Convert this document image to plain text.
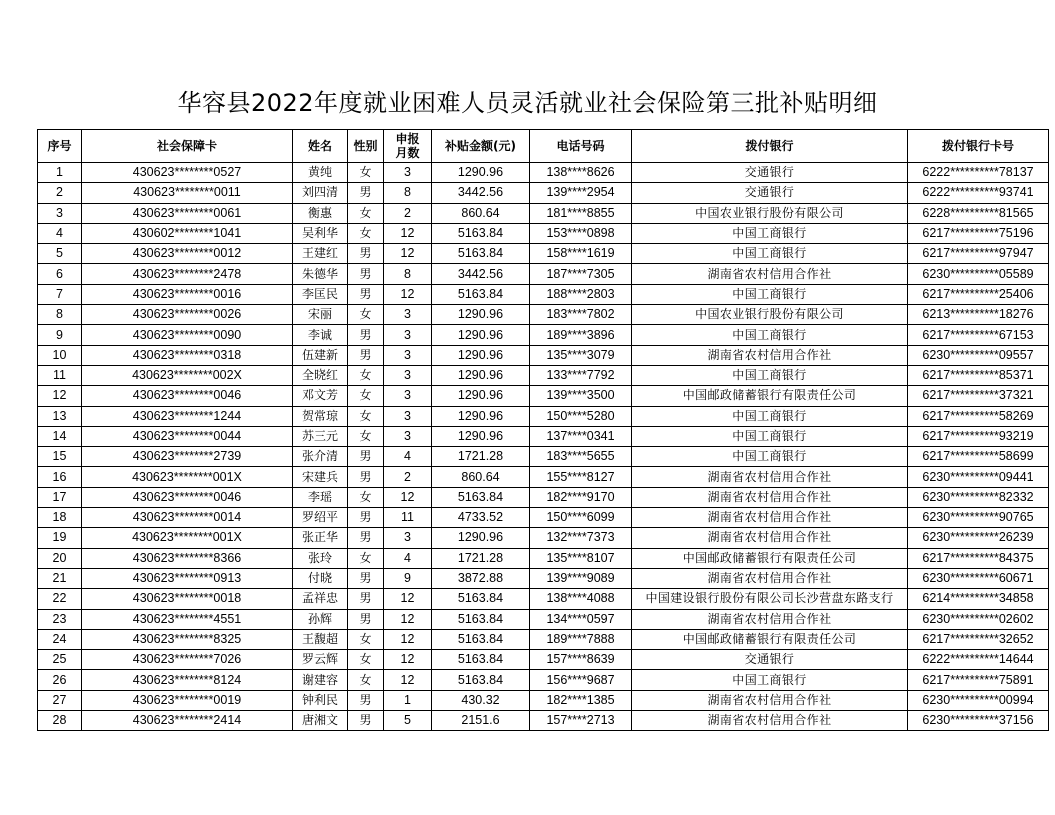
华容县2022年度就业困难人员灵活就业社会保险第三批补贴明细
序号	社会保障卡	姓名	性别	申报
月数	补贴金额(元)	电话号码	拨付银行	拨付银行卡号
1	430623********0527	黄纯	女	3	1290.96	138****8626	交通银行	6222**********78137
2	430623********0011	刘四清	男	8	3442.56	139****2954	交通银行	6222**********93741
3	430623********0061	衡惠	女	2	860.64	181****8855	中国农业银行股份有限公司	6228**********81565
4	430602********1041	吴利华	女	12	5163.84	153****0898	中国工商银行	6217**********75196
5	430623********0012	王建红	男	12	5163.84	158****1619	中国工商银行	6217**********97947
6	430623********2478	朱德华	男	8	3442.56	187****7305	湖南省农村信用合作社	6230**********05589
7	430623********0016	李匡民	男	12	5163.84	188****2803	中国工商银行	6217**********25406
8	430623********0026	宋丽	女	3	1290.96	183****7802	中国农业银行股份有限公司	6213**********18276
9	430623********0090	李诚	男	3	1290.96	189****3896	中国工商银行	6217**********67153
10	430623********0318	伍建新	男	3	1290.96	135****3079	湖南省农村信用合作社	6230**********09557
11	430623********002X	全晓红	女	3	1290.96	133****7792	中国工商银行	6217**********85371
12	430623********0046	邓文芳	女	3	1290.96	139****3500	中国邮政储蓄银行有限责任公司	6217**********37321
13	430623********1244	贺常琼	女	3	1290.96	150****5280	中国工商银行	6217**********58269
14	430623********0044	苏三元	女	3	1290.96	137****0341	中国工商银行	6217**********93219
15	430623********2739	张介清	男	4	1721.28	183****5655	中国工商银行	6217**********58699
16	430623********001X	宋建兵	男	2	860.64	155****8127	湖南省农村信用合作社	6230**********09441
17	430623********0046	李瑶	女	12	5163.84	182****9170	湖南省农村信用合作社	6230**********82332
18	430623********0014	罗绍平	男	11	4733.52	150****6099	湖南省农村信用合作社	6230**********90765
19	430623********001X	张正华	男	3	1290.96	132****7373	湖南省农村信用合作社	6230**********26239
20	430623********8366	张玲	女	4	1721.28	135****8107	中国邮政储蓄银行有限责任公司	6217**********84375
21	430623********0913	付晓	男	9	3872.88	139****9089	湖南省农村信用合作社	6230**********60671
22	430623********0018	孟祥忠	男	12	5163.84	138****4088	中国建设银行股份有限公司长沙营盘东路支行	6214**********34858
23	430623********4551	孙辉	男	12	5163.84	134****0597	湖南省农村信用合作社	6230**********02602
24	430623********8325	王馥超	女	12	5163.84	189****7888	中国邮政储蓄银行有限责任公司	6217**********32652
25	430623********7026	罗云辉	女	12	5163.84	157****8639	交通银行	6222**********14644
26	430623********8124	谢建容	女	12	5163.84	156****9687	中国工商银行	6217**********75891
27	430623********0019	钟利民	男	1	430.32	182****1385	湖南省农村信用合作社	6230**********00994
28	430623********2414	唐湘文	男	5	2151.6	157****2713	湖南省农村信用合作社	6230**********37156
